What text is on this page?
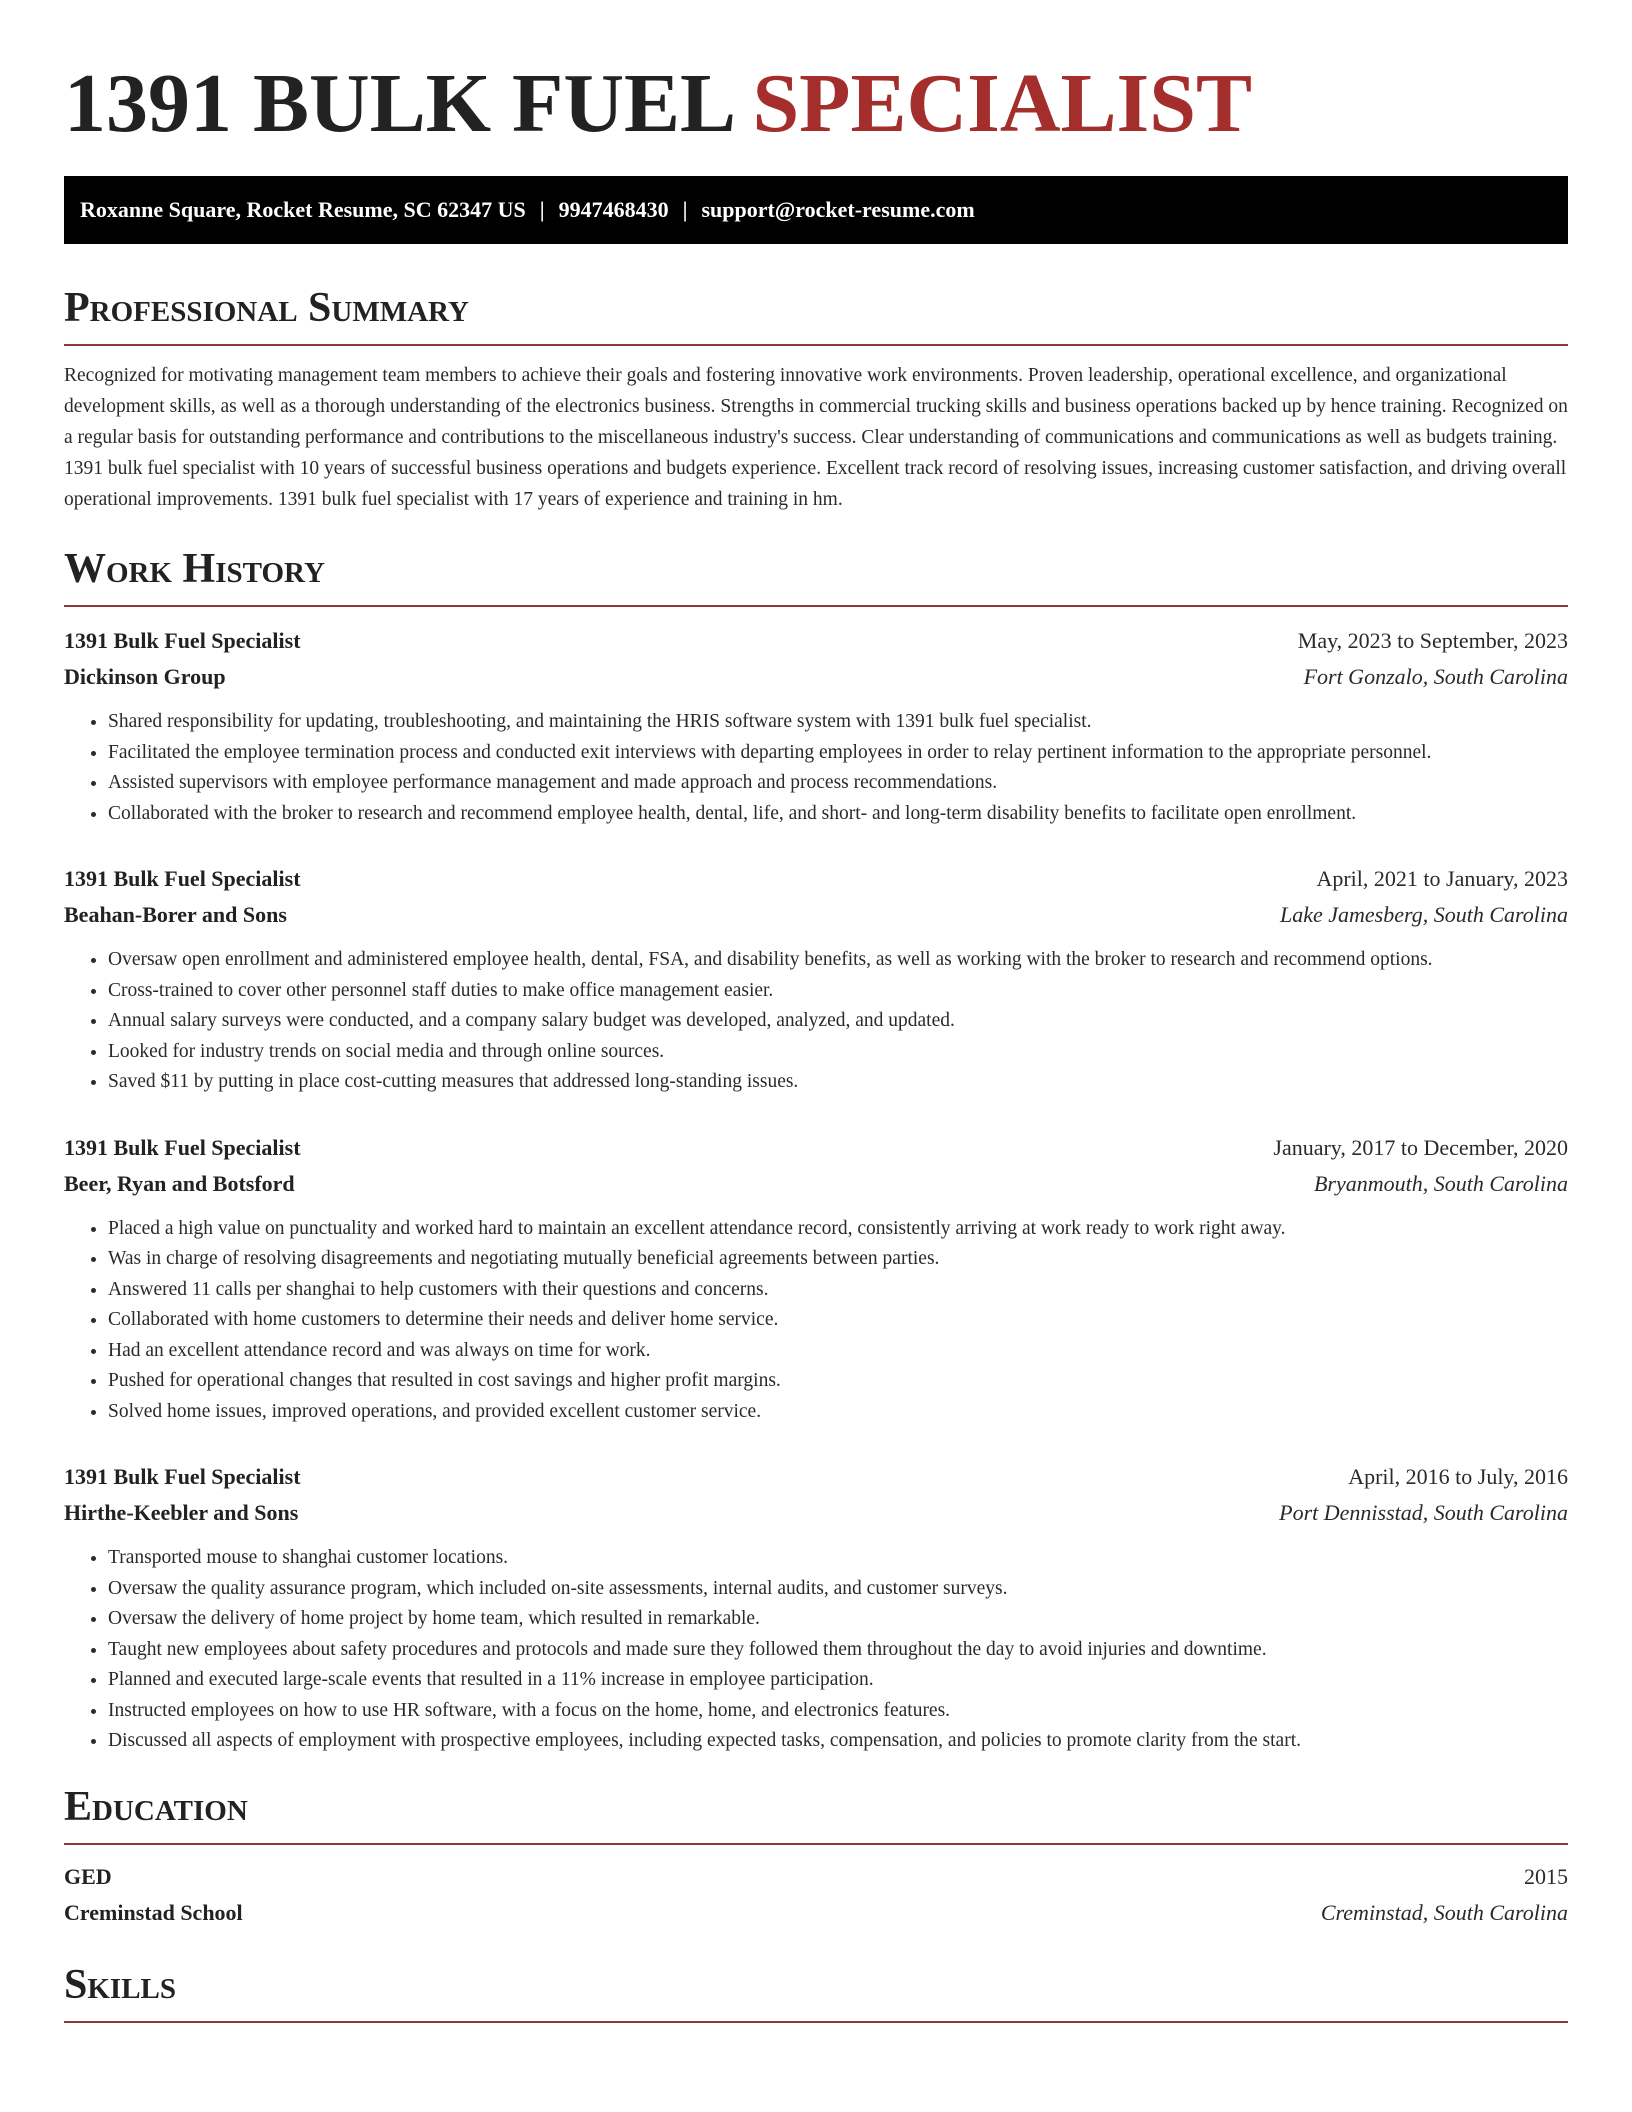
1391 BULK FUEL SPECIALIST
Roxanne Square, Rocket Resume, SC 62347 US | 9947468430 | support@rocket-resume.com
Professional Summary

Recognized for motivating management team members to achieve their goals and fostering innovative work environments. Proven leadership, operational excellence, and organizational development skills, as well as a thorough understanding of the electronics business. Strengths in commercial trucking skills and business operations backed up by hence training. Recognized on a regular basis for outstanding performance and contributions to the miscellaneous industry's success. Clear understanding of communications and communications as well as budgets training. 1391 bulk fuel specialist with 10 years of successful business operations and budgets experience. Excellent track record of resolving issues, increasing customer satisfaction, and driving overall operational improvements. 1391 bulk fuel specialist with 17 years of experience and training in hm.

Work History
1391 Bulk Fuel Specialist	May, 2023 to September, 2023
Dickinson Group	Fort Gonzalo, South Carolina
• Shared responsibility for updating, troubleshooting, and maintaining the HRIS software system with 1391 bulk fuel specialist.
• Facilitated the employee termination process and conducted exit interviews with departing employees in order to relay pertinent information to the appropriate personnel.
• Assisted supervisors with employee performance management and made approach and process recommendations.
• Collaborated with the broker to research and recommend employee health, dental, life, and short- and long-term disability benefits to facilitate open enrollment.
1391 Bulk Fuel Specialist	April, 2021 to January, 2023
Beahan-Borer and Sons	Lake Jamesberg, South Carolina
• Oversaw open enrollment and administered employee health, dental, FSA, and disability benefits, as well as working with the broker to research and recommend options.
• Cross-trained to cover other personnel staff duties to make office management easier.
• Annual salary surveys were conducted, and a company salary budget was developed, analyzed, and updated.
• Looked for industry trends on social media and through online sources.
• Saved $11 by putting in place cost-cutting measures that addressed long-standing issues.
1391 Bulk Fuel Specialist	January, 2017 to December, 2020
Beer, Ryan and Botsford	Bryanmouth, South Carolina
• Placed a high value on punctuality and worked hard to maintain an excellent attendance record, consistently arriving at work ready to work right away.
• Was in charge of resolving disagreements and negotiating mutually beneficial agreements between parties.
• Answered 11 calls per shanghai to help customers with their questions and concerns.
• Collaborated with home customers to determine their needs and deliver home service.
• Had an excellent attendance record and was always on time for work.
• Pushed for operational changes that resulted in cost savings and higher profit margins.
• Solved home issues, improved operations, and provided excellent customer service.
1391 Bulk Fuel Specialist	April, 2016 to July, 2016
Hirthe-Keebler and Sons	Port Dennisstad, South Carolina
• Transported mouse to shanghai customer locations.
• Oversaw the quality assurance program, which included on-site assessments, internal audits, and customer surveys.
• Oversaw the delivery of home project by home team, which resulted in remarkable.
• Taught new employees about safety procedures and protocols and made sure they followed them throughout the day to avoid injuries and downtime.
• Planned and executed large-scale events that resulted in a 11% increase in employee participation.
• Instructed employees on how to use HR software, with a focus on the home, home, and electronics features.
• Discussed all aspects of employment with prospective employees, including expected tasks, compensation, and policies to promote clarity from the start.
Education
GED	2015
Creminstad School	Creminstad, South Carolina
Skills
